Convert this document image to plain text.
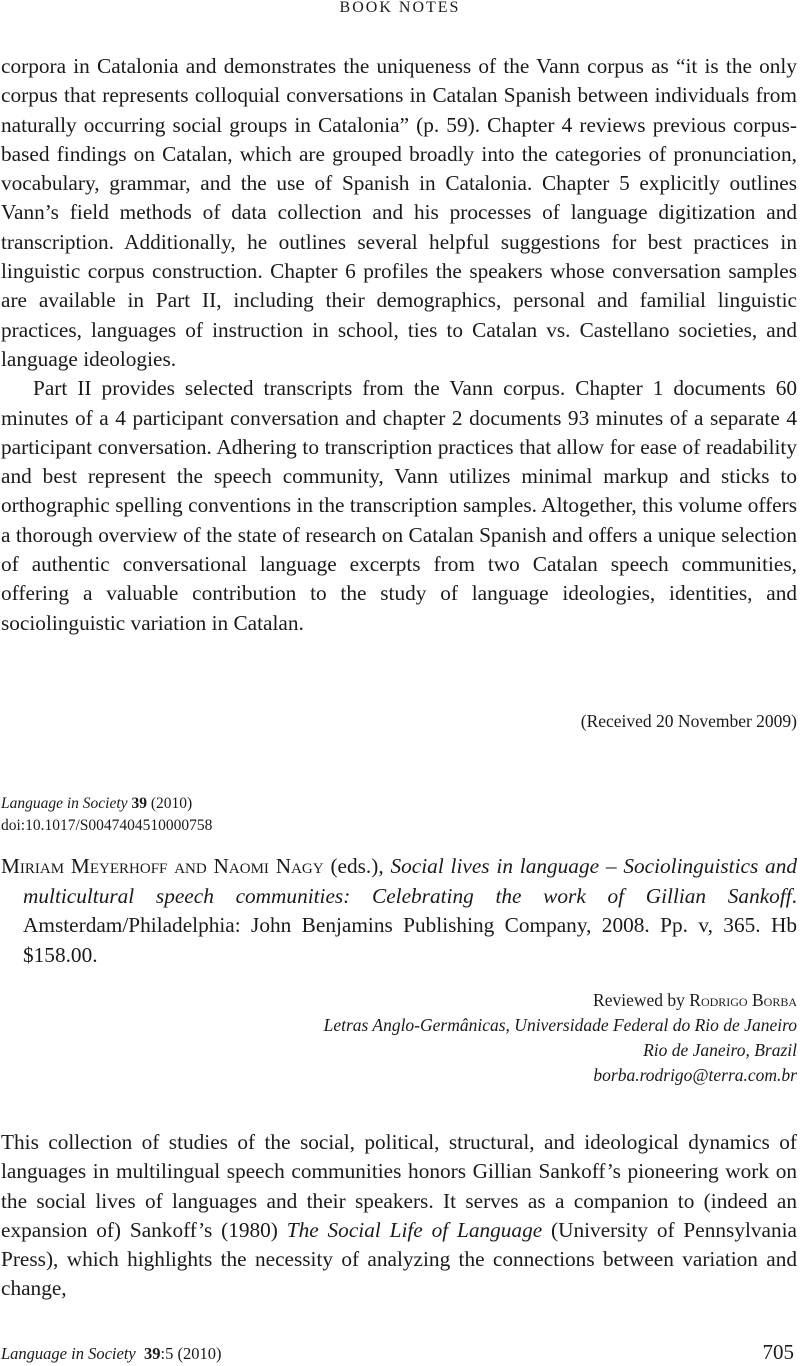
BOOK NOTES

corpora in Catalonia and demonstrates the uniqueness of the Vann corpus as “it is the only corpus that represents colloquial conversations in Catalan Spanish between individuals from naturally occurring social groups in Catalonia” (p. 59). Chapter 4 reviews previous corpus-based findings on Catalan, which are grouped broadly into the categories of pronunciation, vocabulary, grammar, and the use of Spanish in Catalonia. Chapter 5 explicitly outlines Vann’s field methods of data collection and his processes of language digitization and transcription. Additionally, he outlines several helpful suggestions for best practices in linguistic corpus construction. Chapter 6 profiles the speakers whose conversation samples are available in Part II, including their demographics, personal and familial linguistic practices, languages of instruction in school, ties to Catalan vs. Castellano societies, and language ideologies.

Part II provides selected transcripts from the Vann corpus. Chapter 1 documents 60 minutes of a 4 participant conversation and chapter 2 documents 93 minutes of a separate 4 participant conversation. Adhering to transcription practices that allow for ease of readability and best represent the speech community, Vann utilizes minimal markup and sticks to orthographic spelling conventions in the transcription samples. Altogether, this volume offers a thorough overview of the state of research on Catalan Spanish and offers a unique selection of authentic conversational language excerpts from two Catalan speech communities, offering a valuable contribution to the study of language ideologies, identities, and sociolinguistic variation in Catalan.

(Received 20 November 2009)
Language in Society 39 (2010)
doi:10.1017/S0047404510000758
Miriam Meyerhoff and Naomi Nagy (eds.), Social lives in language – Sociolinguistics and multicultural speech communities: Celebrating the work of Gillian Sankoff. Amsterdam/Philadelphia: John Benjamins Publishing Company, 2008. Pp. v, 365. Hb $158.00.
Reviewed by Rodrigo Borba
Letras Anglo-Germânicas, Universidade Federal do Rio de Janeiro
Rio de Janeiro, Brazil
borba.rodrigo@terra.com.br

This collection of studies of the social, political, structural, and ideological dynamics of languages in multilingual speech communities honors Gillian Sankoff’s pioneering work on the social lives of languages and their speakers. It serves as a companion to (indeed an expansion of) Sankoff’s (1980) The Social Life of Language (University of Pennsylvania Press), which highlights the necessity of analyzing the connections between variation and change,

Language in Society 39:5 (2010)	705
